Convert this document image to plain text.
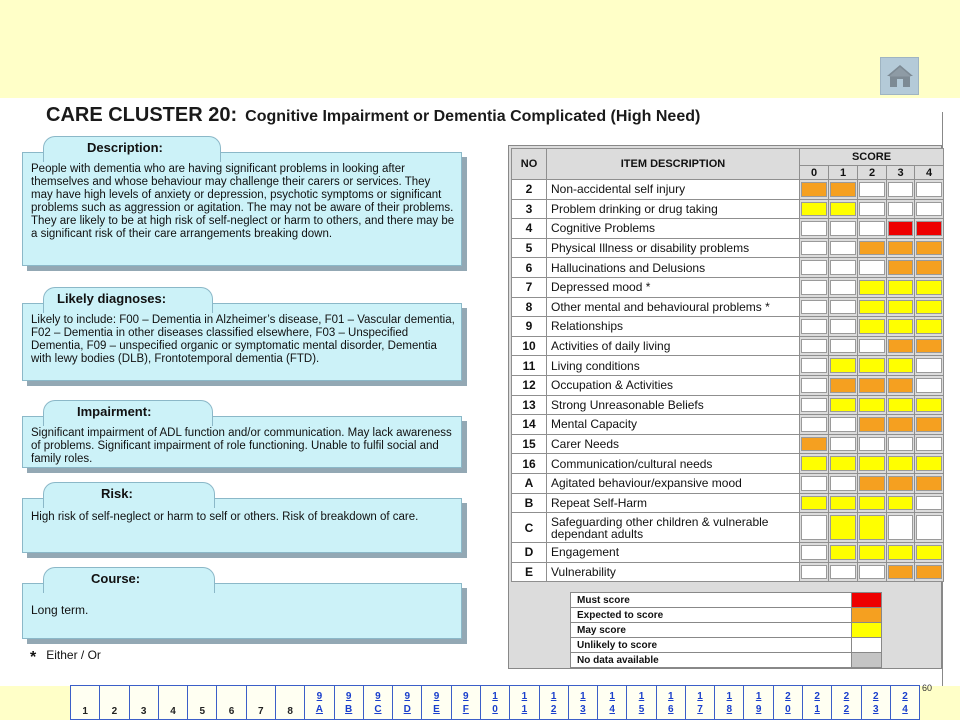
CARE CLUSTER 20: Cognitive Impairment or Dementia Complicated (High Need)
Description:
People with dementia who are having significant problems in looking after themselves and whose behaviour may challenge their carers or services. They may have high levels of anxiety or depression, psychotic symptoms or significant problems such as aggression or agitation. The may not be aware of their problems. They are likely to be at high risk of self-neglect or harm to others, and there may be a significant risk of their care arrangements breaking down.
Likely diagnoses:
Likely to include: F00 – Dementia in Alzheimer’s disease, F01 – Vascular dementia, F02 – Dementia in other diseases classified elsewhere, F03 – Unspecified Dementia, F09 – unspecified organic or symptomatic mental disorder, Dementia with lewy bodies (DLB), Frontotemporal dementia (FTD).
Impairment:
Significant impairment of ADL function and/or communication. May lack awareness of problems. Significant impairment of role functioning. Unable to fulfil social and family roles.
Risk:
High risk of self-neglect or harm to self or others. Risk of breakdown of care.
Course:
Long term.
* Either / Or
NO	ITEM DESCRIPTION	SCORE				
		0	1	2	3	4
2	Non-accidental self injury	

3	Problem drinking or drug taking	

4	Cognitive Problems	

5	Physical Illness or disability problems	

6	Hallucinations and Delusions	

7	Depressed mood *	

8	Other mental and behavioural problems *	

9	Relationships	

10	Activities of daily living	

11	Living conditions	

12	Occupation & Activities	

13	Strong Unreasonable Beliefs	

14	Mental Capacity	

15	Carer Needs	

16	Communication/cultural needs	

A	Agitated behaviour/expansive mood	

B	Repeat Self-Harm	

C	Safeguarding other children & vulnerable dependant adults	

D	Engagement	

E	Vulnerability	

Must score	
Expected to score	
May score	
Unlikely to score	
No data available	
60
1	2	3	4	5	6	7	8
9
A
9
B
9
C
9
D
9
E
9
F
1
0
1
1
1
2
1
3
1
4
1
5
1
6
1
7
1
8
1
9
2
0
2
1
2
2
2
3
2
4
